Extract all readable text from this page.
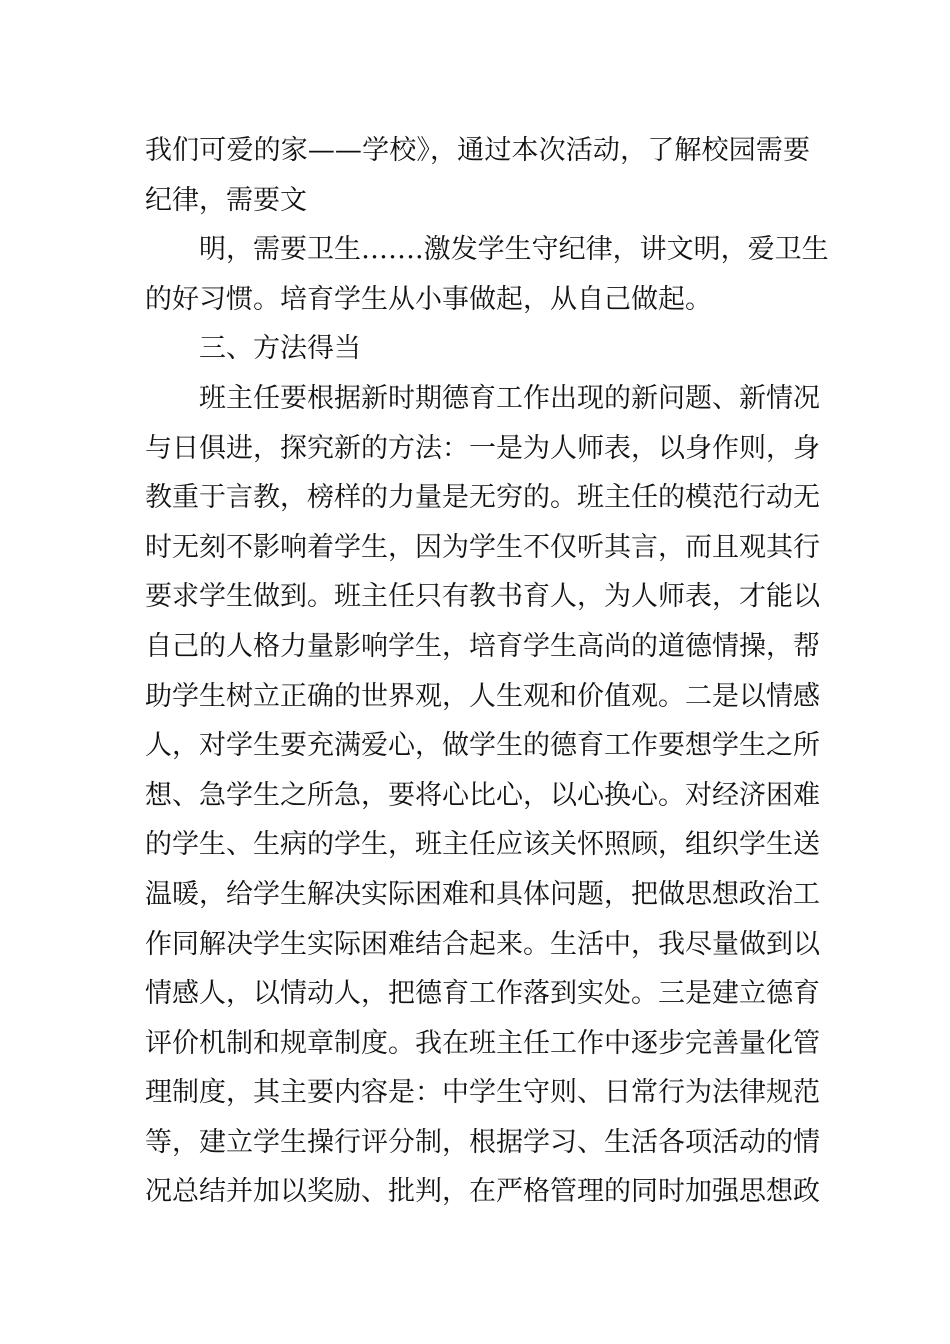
我们可爱的家——学校》，通过本次活动，了解校园需要
纪律，需要文
明，需要卫生…….激发学生守纪律，讲文明，爱卫生
的好习惯。培育学生从小事做起，从自己做起。
三、方法得当
班主任要根据新时期德育工作出现的新问题、新情况
与日俱进，探究新的方法：一是为人师表，以身作则，身
教重于言教，榜样的力量是无穷的。班主任的模范行动无
时无刻不影响着学生，因为学生不仅听其言，而且观其行
要求学生做到。班主任只有教书育人，为人师表，才能以
自己的人格力量影响学生，培育学生高尚的道德情操，帮
助学生树立正确的世界观，人生观和价值观。二是以情感
人，对学生要充满爱心，做学生的德育工作要想学生之所
想、急学生之所急，要将心比心，以心换心。对经济困难
的学生、生病的学生，班主任应该关怀照顾，组织学生送
温暖，给学生解决实际困难和具体问题，把做思想政治工
作同解决学生实际困难结合起来。生活中，我尽量做到以
情感人，以情动人，把德育工作落到实处。三是建立德育
评价机制和规章制度。我在班主任工作中逐步完善量化管
理制度，其主要内容是：中学生守则、日常行为法律规范
等，建立学生操行评分制，根据学习、生活各项活动的情
况总结并加以奖励、批判，在严格管理的同时加强思想政
